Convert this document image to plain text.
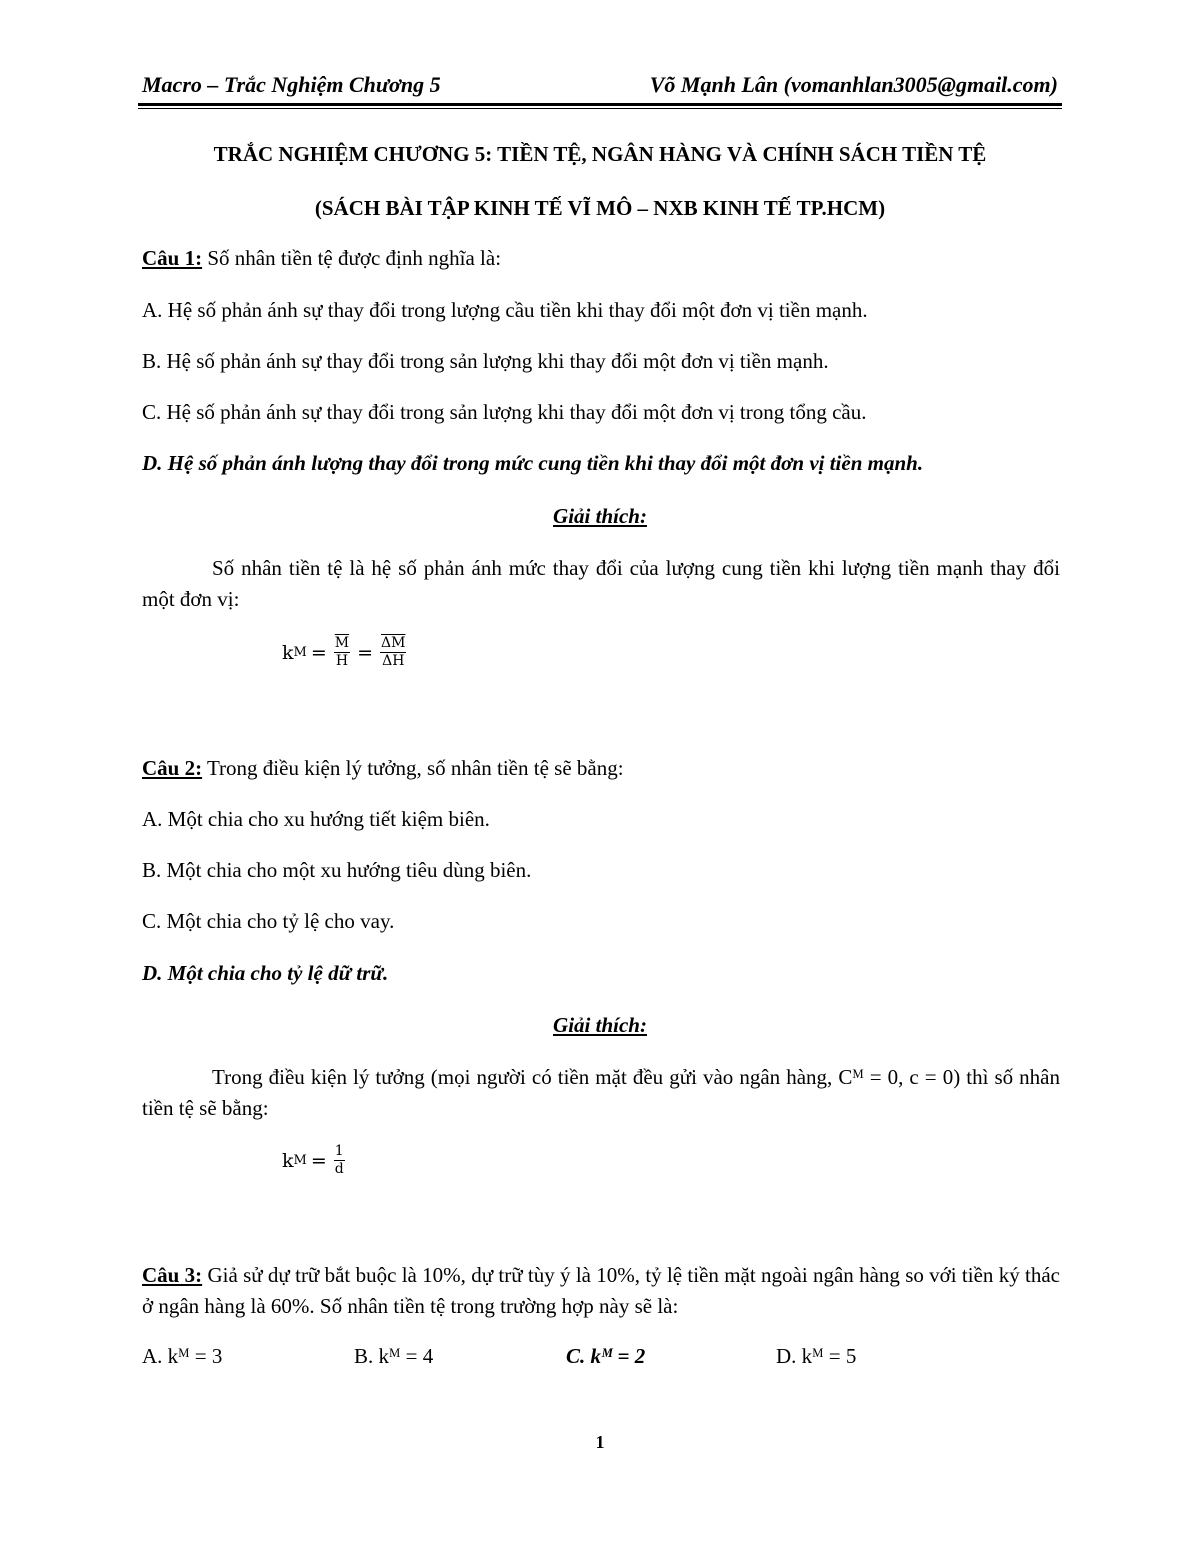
Macro – Trắc Nghiệm Chương 5	Võ Mạnh Lân (vomanhlan3005@gmail.com)
TRẮC NGHIỆM CHƯƠNG 5: TIỀN TỆ, NGÂN HÀNG VÀ CHÍNH SÁCH TIỀN TỆ
(SÁCH BÀI TẬP KINH TẾ VĨ MÔ – NXB KINH TẾ TP.HCM)
Câu 1: Số nhân tiền tệ được định nghĩa là:
A. Hệ số phản ánh sự thay đổi trong lượng cầu tiền khi thay đổi một đơn vị tiền mạnh.
B. Hệ số phản ánh sự thay đổi trong sản lượng khi thay đổi một đơn vị tiền mạnh.
C. Hệ số phản ánh sự thay đổi trong sản lượng khi thay đổi một đơn vị trong tổng cầu.
D. Hệ số phản ánh lượng thay đổi trong mức cung tiền khi thay đổi một đơn vị tiền mạnh.
Giải thích:
Số nhân tiền tệ là hệ số phản ánh mức thay đổi của lượng cung tiền khi lượng tiền mạnh thay đổi một đơn vị:
k $M = \frac{\overline{M}}{H} = \frac{\overline{\Delta M}}{\Delta H}$
Câu 2: Trong điều kiện lý tưởng, số nhân tiền tệ sẽ bằng:
A. Một chia cho xu hướng tiết kiệm biên.
B. Một chia cho một xu hướng tiêu dùng biên.
C. Một chia cho tỷ lệ cho vay.
D. Một chia cho tỷ lệ dữ trữ.
Giải thích:
Trong điều kiện lý tưởng (mọi người có tiền mặt đều gửi vào ngân hàng, Cᴹ = 0, c = 0) thì số nhân tiền tệ sẽ bằng:
k $M = \frac{1}{d}$
Câu 3: Giả sử dự trữ bắt buộc là 10%, dự trữ tùy ý là 10%, tỷ lệ tiền mặt ngoài ngân hàng so với tiền ký thác ở ngân hàng là 60%. Số nhân tiền tệ trong trường hợp này sẽ là:
A. kᴹ = 3	B. kᴹ = 4	C. kᴹ = 2	D. kᴹ = 5
1
